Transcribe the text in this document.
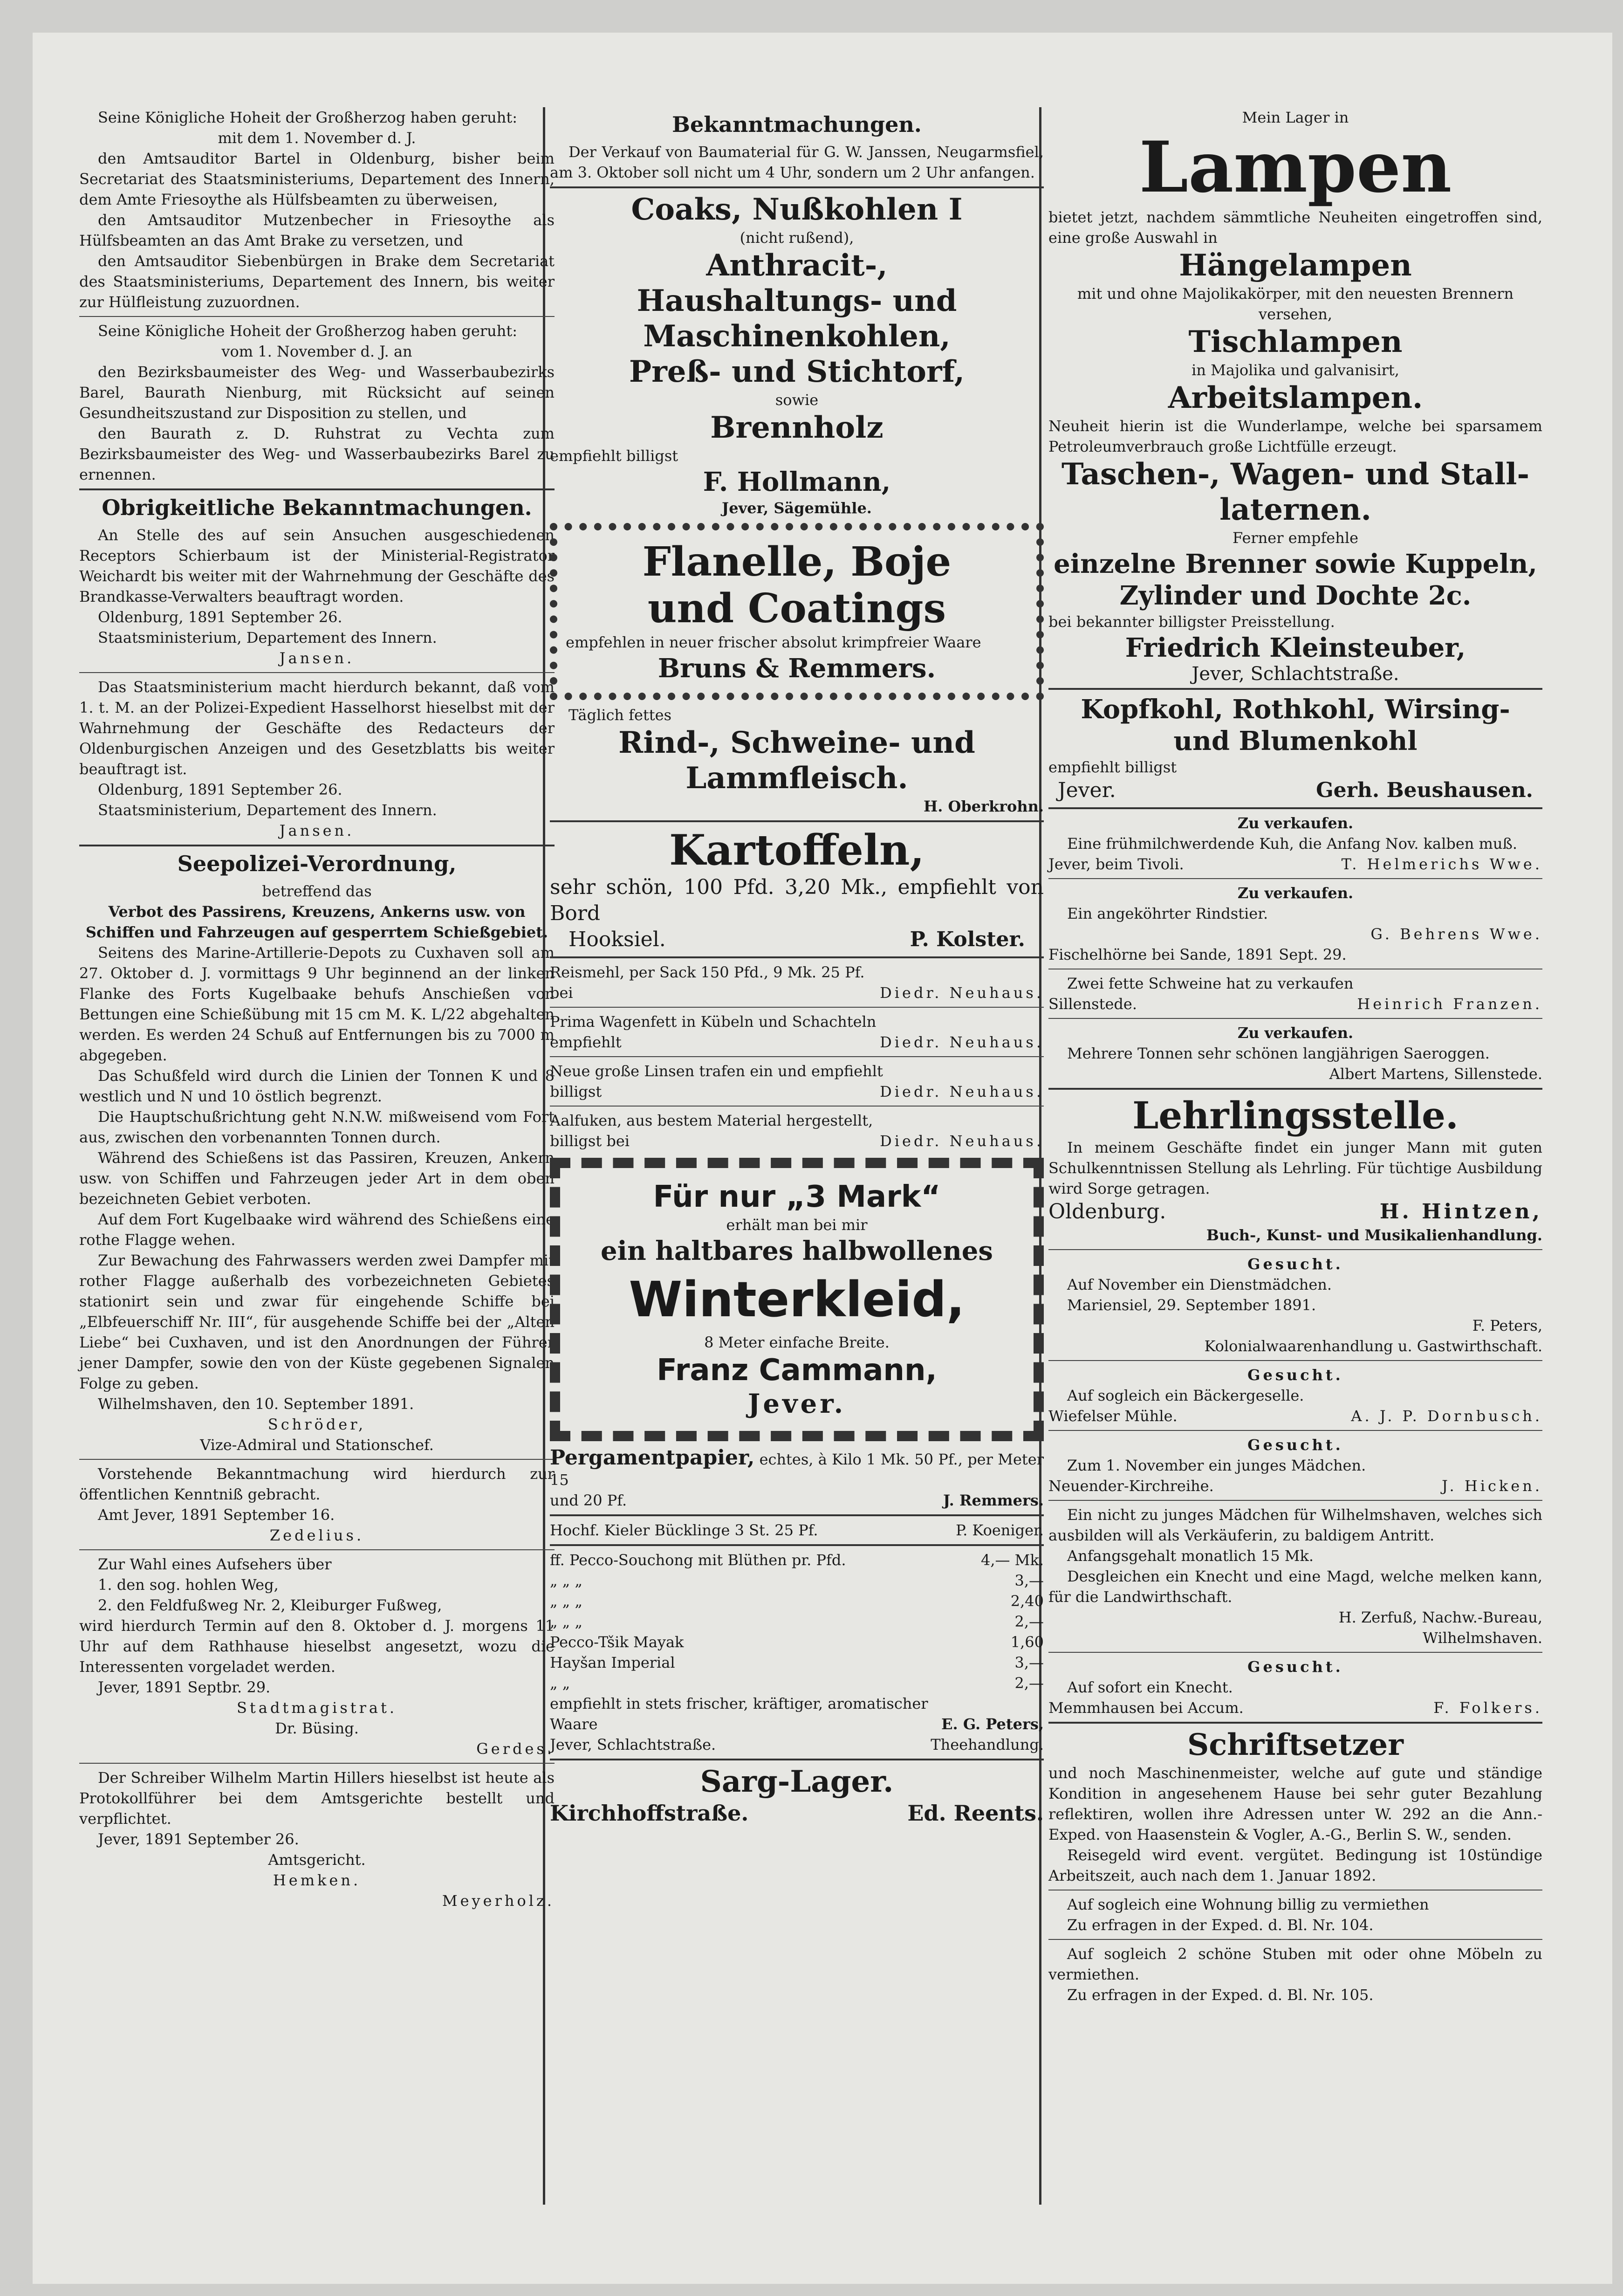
Seine Königliche Hoheit der Großherzog haben geruht:

mit dem 1. November d. J.

den Amtsauditor Bartel in Oldenburg, bisher beim Secretariat des Staatsministeriums, Departement des Innern, dem Amte Friesoythe als Hülfsbeamten zu überweisen,

den Amtsauditor Mutzenbecher in Friesoythe als Hülfsbeamten an das Amt Brake zu versetzen, und

den Amtsauditor Siebenbürgen in Brake dem Secretariat des Staatsministeriums, Departement des Innern, bis weiter zur Hülfleistung zuzuordnen.

Seine Königliche Hoheit der Großherzog haben geruht:

vom 1. November d. J. an

den Bezirksbaumeister des Weg- und Wasserbaubezirks Barel, Baurath Nienburg, mit Rücksicht auf seinen Gesundheitszustand zur Disposition zu stellen, und

den Baurath z. D. Ruhstrat zu Vechta zum Bezirksbaumeister des Weg- und Wasserbaubezirks Barel zu ernennen.

Obrigkeitliche Bekanntmachungen.

An Stelle des auf sein Ansuchen ausgeschiedenen Receptors Schierbaum ist der Ministerial-Registrator Weichardt bis weiter mit der Wahrnehmung der Geschäfte des Brandkasse-Verwalters beauftragt worden.

Oldenburg, 1891 September 26.

Staatsministerium, Departement des Innern.

Jansen.

Das Staatsministerium macht hierdurch bekannt, daß vom 1. t. M. an der Polizei-Expedient Hasselhorst hieselbst mit der Wahrnehmung der Geschäfte des Redacteurs der Oldenburgischen Anzeigen und des Gesetzblatts bis weiter beauftragt ist.

Oldenburg, 1891 September 26.

Staatsministerium, Departement des Innern.

Jansen.

Seepolizei-Verordnung,

betreffend das

Verbot des Passirens, Kreuzens, Ankerns usw. von Schiffen und Fahrzeugen auf gesperrtem Schießgebiet.

Seitens des Marine-Artillerie-Depots zu Cuxhaven soll am 27. Oktober d. J. vormittags 9 Uhr beginnend an der linken Flanke des Forts Kugelbaake behufs Anschießen von Bettungen eine Schießübung mit 15 cm M. K. L/22 abgehalten werden. Es werden 24 Schuß auf Entfernungen bis zu 7000 m abgegeben.

Das Schußfeld wird durch die Linien der Tonnen K und 8 westlich und N und 10 östlich begrenzt.

Die Hauptschußrichtung geht N.N.W. mißweisend vom Fort aus, zwischen den vorbenannten Tonnen durch.

Während des Schießens ist das Passiren, Kreuzen, Ankern usw. von Schiffen und Fahrzeugen jeder Art in dem oben bezeichneten Gebiet verboten.

Auf dem Fort Kugelbaake wird während des Schießens eine rothe Flagge wehen.

Zur Bewachung des Fahrwassers werden zwei Dampfer mit rother Flagge außerhalb des vorbezeichneten Gebietes stationirt sein und zwar für eingehende Schiffe bei „Elbfeuerschiff Nr. III“, für ausgehende Schiffe bei der „Alten Liebe“ bei Cuxhaven, und ist den Anordnungen der Führer jener Dampfer, sowie den von der Küste gegebenen Signalen Folge zu geben.

Wilhelmshaven, den 10. September 1891.

Schröder,

Vize-Admiral und Stationschef.

Vorstehende Bekanntmachung wird hierdurch zur öffentlichen Kenntniß gebracht.

Amt Jever, 1891 September 16.

Zedelius.

Zur Wahl eines Aufsehers über

1. den sog. hohlen Weg,

2. den Feldfußweg Nr. 2, Kleiburger Fußweg,

wird hierdurch Termin auf den 8. Oktober d. J. morgens 11 Uhr auf dem Rathhause hieselbst angesetzt, wozu die Interessenten vorgeladet werden.

Jever, 1891 Septbr. 29.

Stadtmagistrat.

Dr. Büsing.

Gerdes.

Der Schreiber Wilhelm Martin Hillers hieselbst ist heute als Protokollführer bei dem Amtsgerichte bestellt und verpflichtet.

Jever, 1891 September 26.

Amtsgericht.

Hemken.

Meyerholz.

Bekanntmachungen.

Der Verkauf von Baumaterial für G. W. Janssen, Neugarmsfiel, am 3. Oktober soll nicht um 4 Uhr, sondern um 2 Uhr anfangen.

Coaks, Nußkohlen I

(nicht rußend),

Anthracit-,
Haushaltungs- und
Maschinenkohlen,
Preß- und Stichtorf,

sowie

Brennholz

empfiehlt billigst

F. Hollmann,

Jever, Sägemühle.

Flanelle, Boje
und Coatings

empfehlen in neuer frischer absolut krimpfreier Waare

Bruns & Remmers.

Täglich fettes

Rind-, Schweine- und
Lammfleisch.

H. Oberkrohn.

Kartoffeln,

sehr schön, 100 Pfd. 3,20 Mk., empfiehlt von Bord

Hooksiel.	P. Kolster.

Reismehl, per Sack 150 Pfd., 9 Mk. 25 Pf.

bei	Diedr. Neuhaus.

Prima Wagenfett in Kübeln und Schachteln

empfiehlt	Diedr. Neuhaus.

Neue große Linsen trafen ein und empfiehlt

billigst	Diedr. Neuhaus.

Aalfuken, aus bestem Material hergestellt,

billigst bei	Diedr. Neuhaus.
Für nur „3 Mark“

erhält man bei mir

ein haltbares halbwollenes
Winterkleid,

8 Meter einfache Breite.

Franz Cammann,
Jever.

Pergamentpapier, echtes, à Kilo 1 Mk. 50 Pf., per Meter 15

und 20 Pf.	J. Remmers.
Hochf. Kieler Bücklinge 3 St. 25 Pf.	P. Koeniger.
ff. Pecco-Souchong mit Blüthen pr. Pfd.	4,— Mk.
„ „ „	3,—
„ „ „	2,40
„ „ „	2,—
Pecco-Tšik Mayak	1,60
Hayšan Imperial	3,—
„ „	2,—

empfiehlt in stets frischer, kräftiger, aromatischer

Waare	E. G. Peters,
Jever, Schlachtstraße.	Theehandlung.
Sarg-Lager.
Kirchhoffstraße.	Ed. Reents.

Mein Lager in

Lampen

bietet jetzt, nachdem sämmtliche Neuheiten eingetroffen sind, eine große Auswahl in

Hängelampen

mit und ohne Majolikakörper, mit den neuesten Brennern versehen,

Tischlampen

in Majolika und galvanisirt,

Arbeitslampen.

Neuheit hierin ist die Wunderlampe, welche bei sparsamem Petroleumverbrauch große Lichtfülle erzeugt.

Taschen-, Wagen- und Stall-
laternen.

Ferner empfehle

einzelne Brenner sowie Kuppeln,
Zylinder und Dochte 2c.

bei bekannter billigster Preisstellung.

Friedrich Kleinsteuber,

Jever, Schlachtstraße.

Kopfkohl, Rothkohl, Wirsing-
und Blumenkohl

empfiehlt billigst

Jever.	Gerh. Beushausen.

Zu verkaufen.

Eine frühmilchwerdende Kuh, die Anfang Nov. kalben muß.

Jever, beim Tivoli.	T. Helmerichs Wwe.

Zu verkaufen.

Ein angeköhrter Rindstier.

G. Behrens Wwe.

Fischelhörne bei Sande, 1891 Sept. 29.

Zwei fette Schweine hat zu verkaufen

Sillenstede.	Heinrich Franzen.

Zu verkaufen.

Mehrere Tonnen sehr schönen langjährigen Saeroggen.

Albert Martens, Sillenstede.

Lehrlingsstelle.

In meinem Geschäfte findet ein junger Mann mit guten Schulkenntnissen Stellung als Lehrling. Für tüchtige Ausbildung wird Sorge getragen.

Oldenburg.	H. Hintzen,

Buch-, Kunst- und Musikalienhandlung.

Gesucht.

Auf November ein Dienstmädchen.

Mariensiel, 29. September 1891.

F. Peters,

Kolonialwaarenhandlung u. Gastwirthschaft.

Gesucht.

Auf sogleich ein Bäckergeselle.

Wiefelser Mühle.	A. J. P. Dornbusch.

Gesucht.

Zum 1. November ein junges Mädchen.

Neuender-Kirchreihe.	J. Hicken.

Ein nicht zu junges Mädchen für Wilhelmshaven, welches sich ausbilden will als Verkäuferin, zu baldigem Antritt.

Anfangsgehalt monatlich 15 Mk.

Desgleichen ein Knecht und eine Magd, welche melken kann, für die Landwirthschaft.

H. Zerfuß, Nachw.-Bureau,

Wilhelmshaven.

Gesucht.

Auf sofort ein Knecht.

Memmhausen bei Accum.	F. Folkers.
Schriftsetzer

und noch Maschinenmeister, welche auf gute und ständige Kondition in angesehenem Hause bei sehr guter Bezahlung reflektiren, wollen ihre Adressen unter W. 292 an die Ann.-Exped. von Haasenstein & Vogler, A.-G., Berlin S. W., senden.

Reisegeld wird event. vergütet. Bedingung ist 10stündige Arbeitszeit, auch nach dem 1. Januar 1892.

Auf sogleich eine Wohnung billig zu vermiethen

Zu erfragen in der Exped. d. Bl. Nr. 104.

Auf sogleich 2 schöne Stuben mit oder ohne Möbeln zu vermiethen.

Zu erfragen in der Exped. d. Bl. Nr. 105.
